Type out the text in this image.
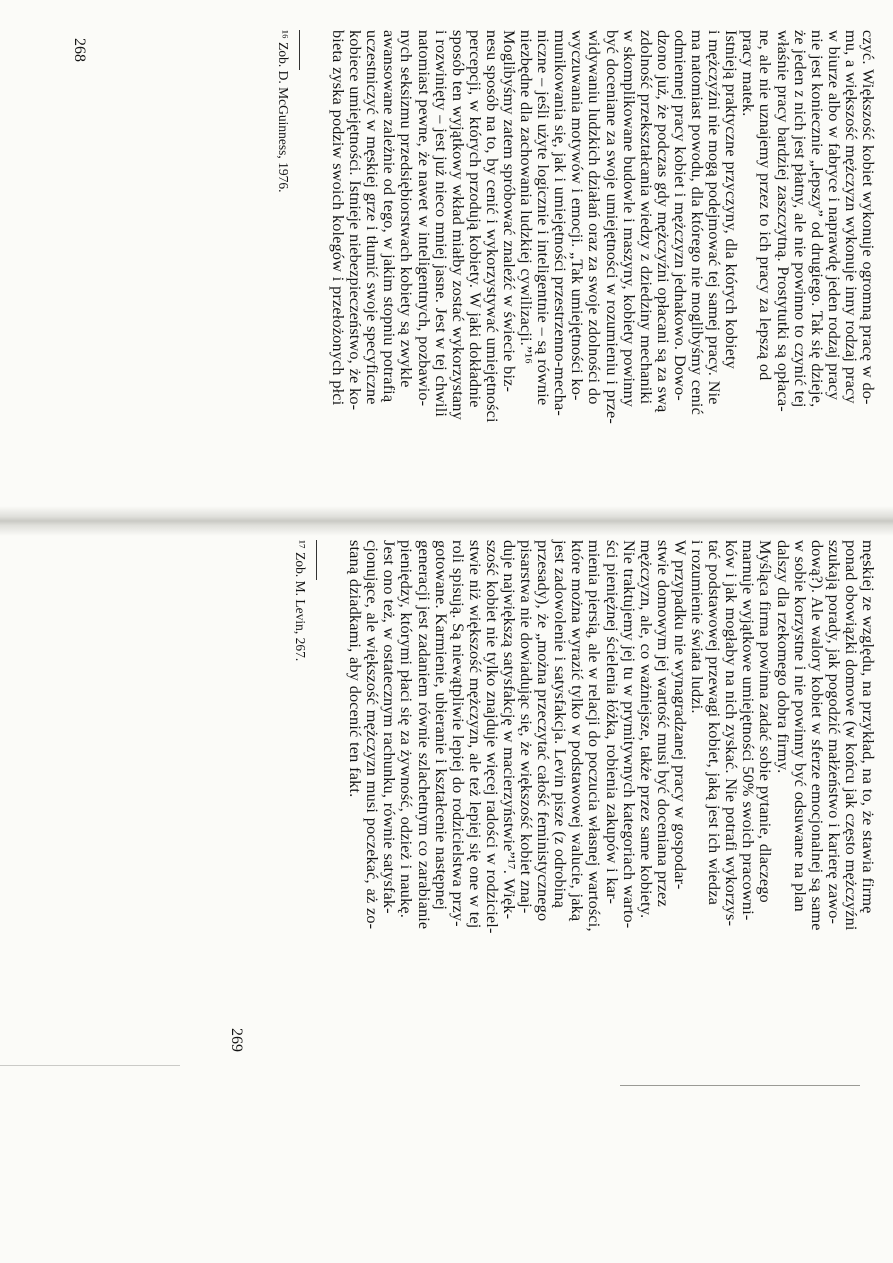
czyć. Większość kobiet wykonuje ogromną pracę w do-
mu, a większość mężczyzn wykonuje inny rodzaj pracy
w biurze albo w fabryce i naprawdę jeden rodzaj pracy
nie jest koniecznie „lepszy” od drugiego. Tak się dzieje,
że jeden z nich jest płatny, ale nie powinno to czynić tej
właśnie pracy bardziej zaszczytną. Prostytutki są opłaca-
ne, ale nie uznajemy przez to ich pracy za lepszą od
pracy matek.
Istnieją praktyczne przyczyny, dla których kobiety
i mężczyźni nie mogą podejmować tej samej pracy. Nie
ma natomiast powodu, dla którego nie moglibyśmy cenić
odmiennej pracy kobiet i mężczyzn jednakowo. Dowo-
dzono już, że podczas gdy mężczyźni opłacani są za swą
zdolność przekształcania wiedzy z dziedziny mechaniki
w skomplikowane budowle i maszyny, kobiety powinny
być doceniane za swoje umiejętności w rozumieniu i prze-
widywaniu ludzkich działań oraz za swoje zdolności do
wyczuwania motywów i emocji. „Tak umiejętności ko-
munikowania się, jak i umiejętności przestrzenno-mecha-
niczne – jeśli użyte logicznie i inteligentnie – są równie
niezbędne dla zachowania ludzkiej cywilizacji.”¹⁶
Moglibyśmy zatem spróbować znaleźć w świecie biz-
nesu sposób na to, by cenić i wykorzystywać umiejętności
percepcji, w których przodują kobiety. W jaki dokładnie
sposób ten wyjątkowy wkład miałby zostać wykorzystany
i rozwinięty – jest już nieco mniej jasne. Jest w tej chwili
natomiast pewne, że nawet w inteligentnych, pozbawio-
nych seksizmu przedsiębiorstwach kobiety są zwykle
awansowane zależnie od tego, w jakim stopniu potrafią
uczestniczyć w męskiej grze i tłumić swoje specyficzne
kobiece umiejętności. Istnieje niebezpieczeństwo, że ko-
bieta zyska podziw swoich kolegów i przełożonych płci
¹⁶ Zob. D. McGuinness, 1976.
268
męskiej ze względu, na przykład, na to, że stawia firmę
ponad obowiązki domowe (w końcu jak często mężczyźni
szukają porady, jak pogodzić małżeństwo i karierę zawo-
dową?). Ale walory kobiet w sferze emocjonalnej są same
w sobie korzystne i nie powinny być odsuwane na plan
dalszy dla rzekomego dobra firmy.
Myśląca firma powinna zadać sobie pytanie, dlaczego
marnuje wyjątkowe umiejętności 50% swoich pracowni-
ków i jak mogłaby na nich zyskać. Nie potrafi wykorzys-
tać podstawowej przewagi kobiet, jaką jest ich wiedza
i rozumienie świata ludzi.
W przypadku nie wynagradzanej pracy w gospodar-
stwie domowym jej wartość musi być doceniana przez
mężczyzn, ale, co ważniejsze, także przez same kobiety.
Nie traktujemy jej tu w prymitywnych kategoriach warto-
ści pieniężnej ścielenia łóżka, robienia zakupów i kar-
mienia piersią, ale w relacji do poczucia własnej wartości,
które można wyrazić tylko w podstawowej walucie, jaką
jest zadowolenie i satysfakcja. Levin pisze (z odrobiną
przesady), że „można przeczytać całość feministycznego
pisarstwa nie dowiadując się, że większość kobiet znaj-
duje największą satysfakcję w macierzyństwie”¹⁷. Więk-
szość kobiet nie tylko znajduje więcej radości w rodziciel-
stwie niż większość mężczyzn, ale też lepiej się one w tej
roli spisują. Są niewątpliwie lepiej do rodzicielstwa przy-
gotowane. Karmienie, ubieranie i kształcenie następnej
generacji jest zadaniem równie szlachetnym co zarabianie
pieniędzy, którymi płaci się za żywność, odzież i naukę.
Jest ono też, w ostatecznym rachunku, równie satysfak-
cjonujące, ale większość mężczyzn musi poczekać, aż zo-
staną dziadkami, aby docenić ten fakt.
¹⁷ Zob. M. Levin, 267.
269
